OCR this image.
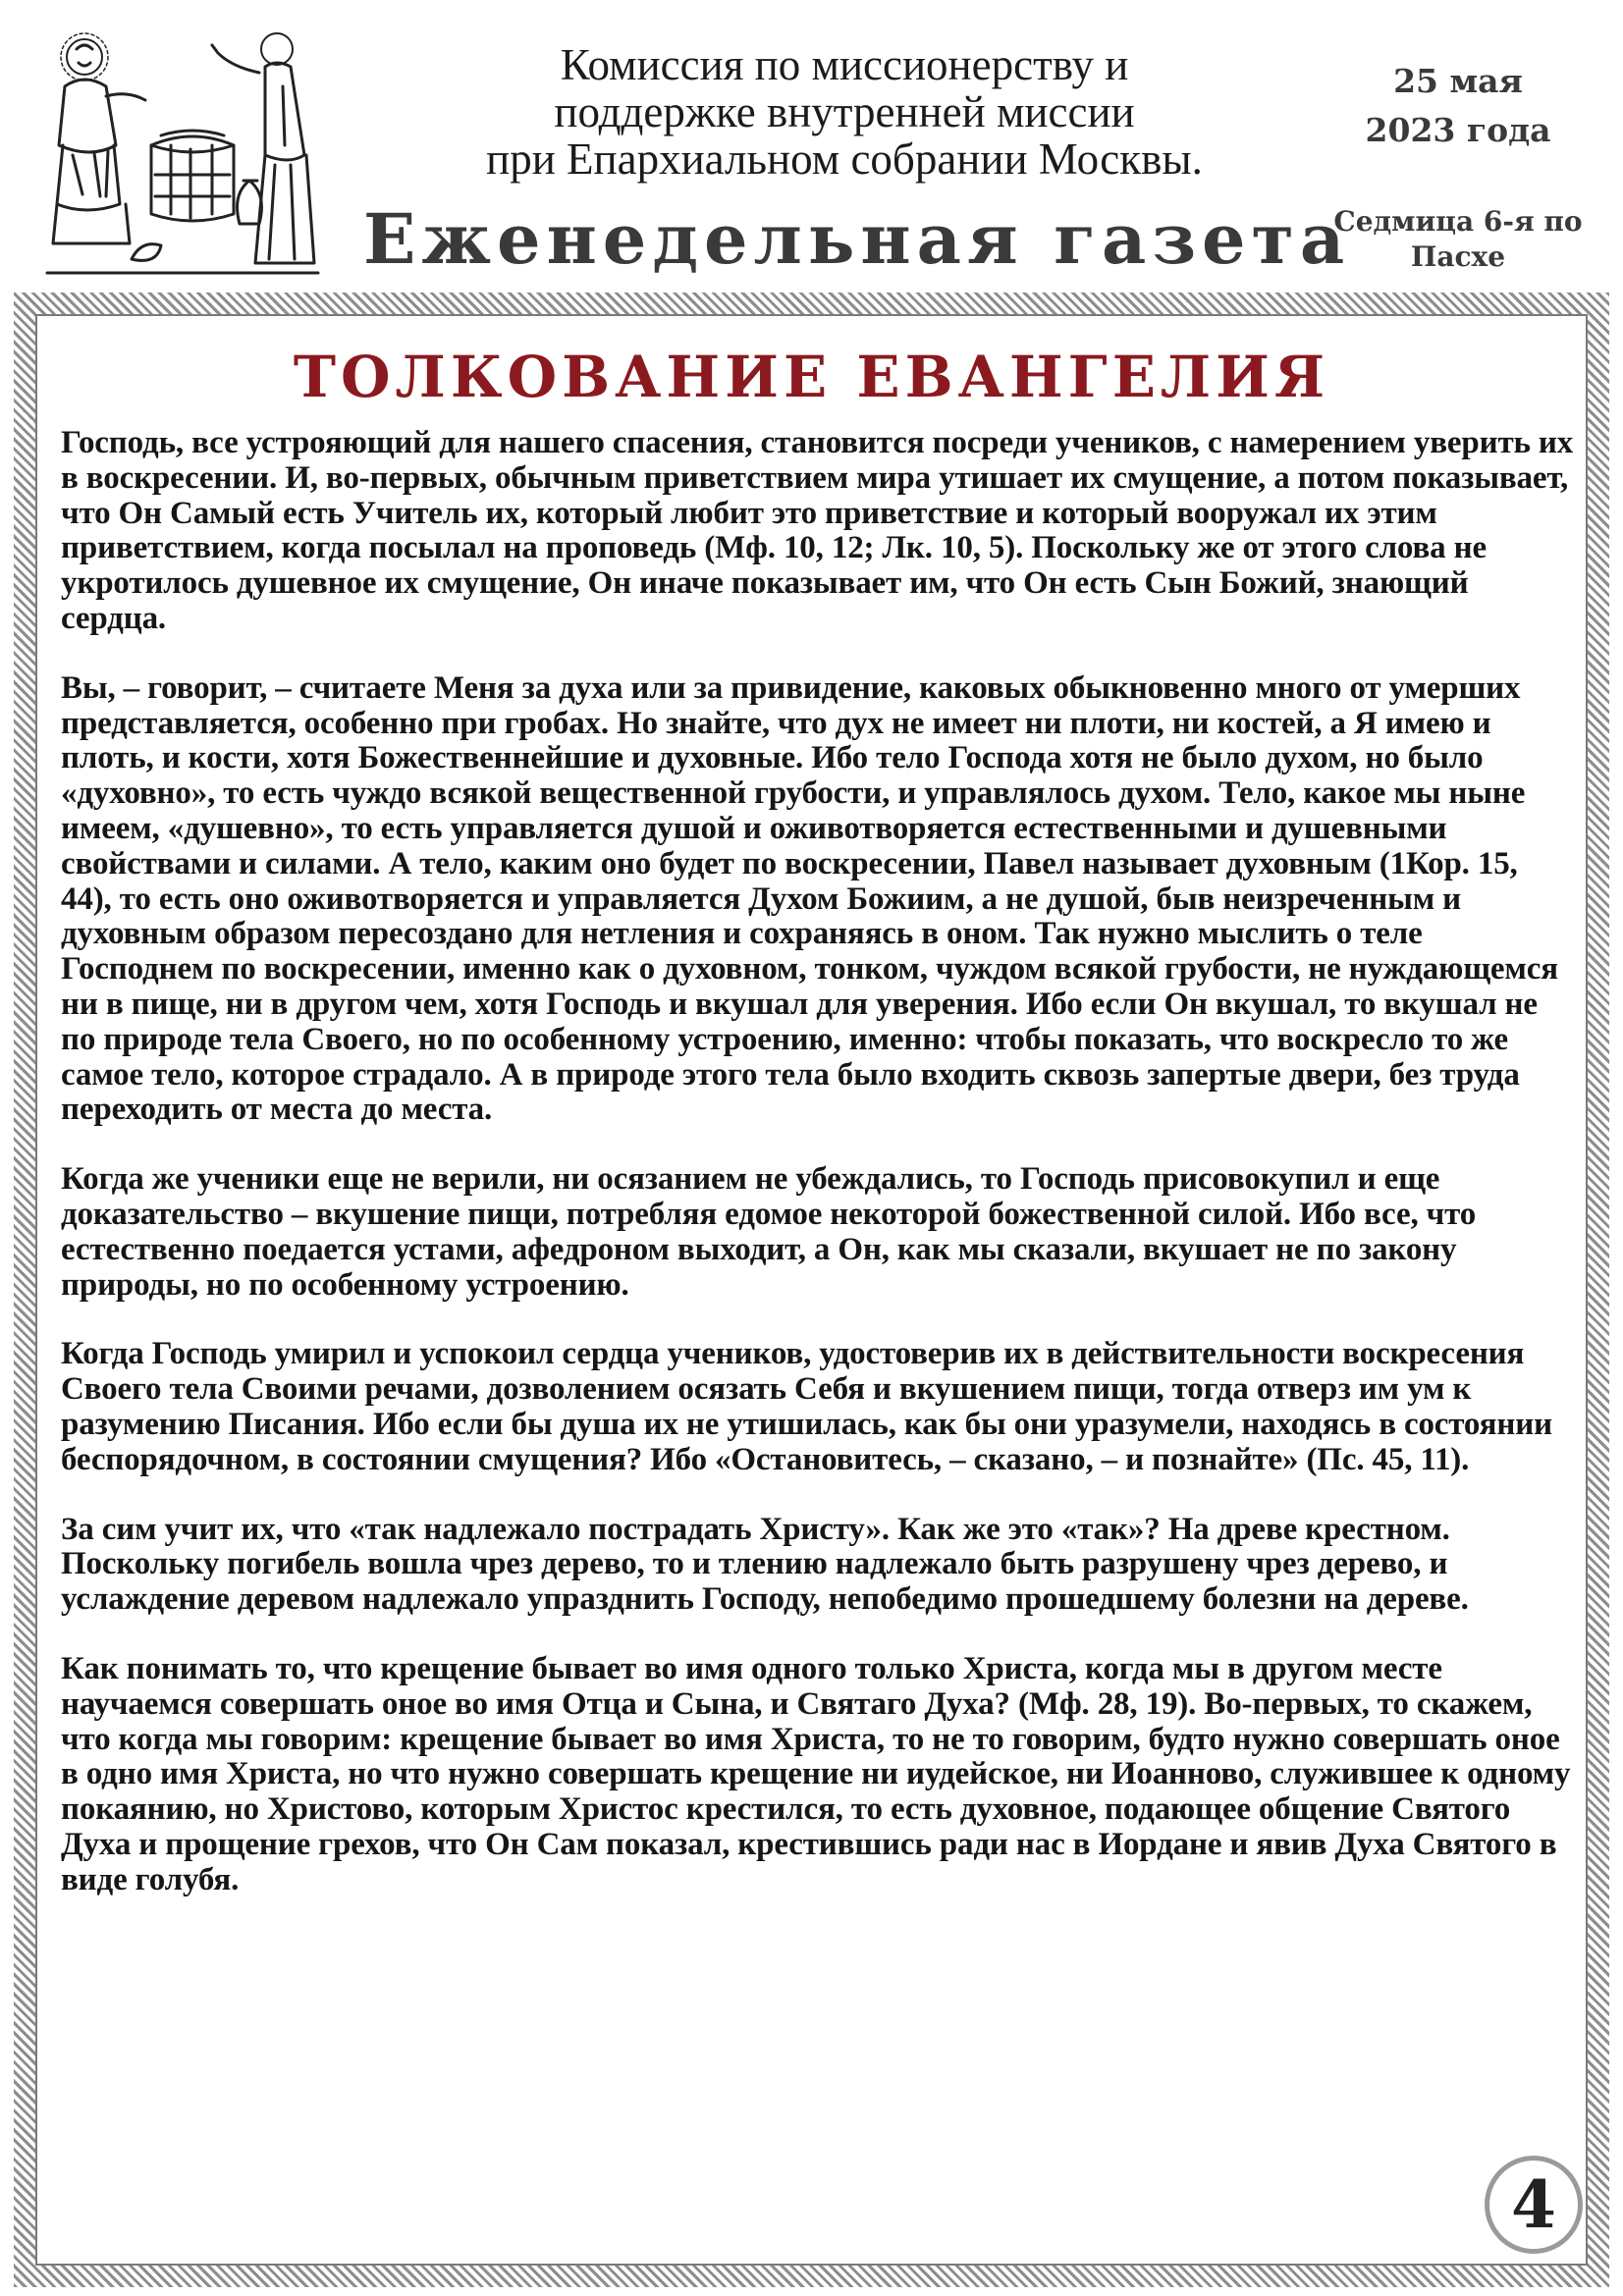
Комиссия по миссионерству и
поддержке внутренней миссии
при Епархиальном собрании Москвы.
Еженедельная газета
25 мая
2023 года
Седмица 6-я по
Пасхе
ТОЛКОВАНИЕ ЕВАНГЕЛИЯ

Господь, все устрояющий для нашего спасения, становится посреди учеников, с намерением уверить их в воскресении. И, во-первых, обычным приветствием мира утишает их смущение, а потом показывает, что Он Самый есть Учитель их, который любит это приветствие и который вооружал их этим приветствием, когда посылал на проповедь (Мф. 10, 12; Лк. 10, 5). Поскольку же от этого слова не укротилось душевное их смущение, Он иначе показывает им, что Он есть Сын Божий, знающий сердца.

Вы, – говорит, – считаете Меня за духа или за привидение, каковых обыкновенно много от умерших представляется, особенно при гробах. Но знайте, что дух не имеет ни плоти, ни костей, а Я имею и плоть, и кости, хотя Божественнейшие и духовные. Ибо тело Господа хотя не было духом, но было «духовно», то есть чуждо всякой вещественной грубости, и управлялось духом. Тело, какое мы ныне имеем, «душевно», то есть управляется душой и оживотворяется естественными и душевными свойствами и силами. А тело, каким оно будет по воскресении, Павел называет духовным (1Кор. 15, 44), то есть оно оживотворяется и управляется Духом Божиим, а не душой, быв неизреченным и духовным образом пересоздано для нетления и сохраняясь в оном. Так нужно мыслить о теле Господнем по воскресении, именно как о духовном, тонком, чуждом всякой грубости, не нуждающемся ни в пище, ни в другом чем, хотя Господь и вкушал для уверения. Ибо если Он вкушал, то вкушал не по природе тела Своего, но по особенному устроению, именно: чтобы показать, что воскресло то же самое тело, которое страдало. А в природе этого тела было входить сквозь запертые двери, без труда переходить от места до места.

Когда же ученики еще не верили, ни осязанием не убеждались, то Господь присовокупил и еще доказательство – вкушение пищи, потребляя едомое некоторой божественной силой. Ибо все, что естественно поедается устами, афедроном выходит, а Он, как мы сказали, вкушает не по закону природы, но по особенному устроению.

Когда Господь умирил и успокоил сердца учеников, удостоверив их в действительности воскресения Своего тела Своими речами, дозволением осязать Себя и вкушением пищи, тогда отверз им ум к разумению Писания. Ибо если бы душа их не утишилась, как бы они уразумели, находясь в состоянии беспорядочном, в состоянии смущения? Ибо «Остановитесь, – сказано, – и познайте» (Пс. 45, 11).

За сим учит их, что «так надлежало пострадать Христу». Как же это «так»? На древе крестном. Поскольку погибель вошла чрез дерево, то и тлению надлежало быть разрушену чрез дерево, и услаждение деревом надлежало упразднить Господу, непобедимо прошедшему болезни на дереве.

Как понимать то, что крещение бывает во имя одного только Христа, когда мы в другом месте научаемся совершать оное во имя Отца и Сына, и Святаго Духа? (Мф. 28, 19). Во-первых, то скажем, что когда мы говорим: крещение бывает во имя Христа, то не то говорим, будто нужно совершать оное в одно имя Христа, но что нужно совершать крещение ни иудейское, ни Иоанново, служившее к одному покаянию, но Христово, которым Христос крестился, то есть духовное, подающее общение Святого Духа и прощение грехов, что Он Сам показал, крестившись ради нас в Иордане и явив Духа Святого в виде голубя.

4
